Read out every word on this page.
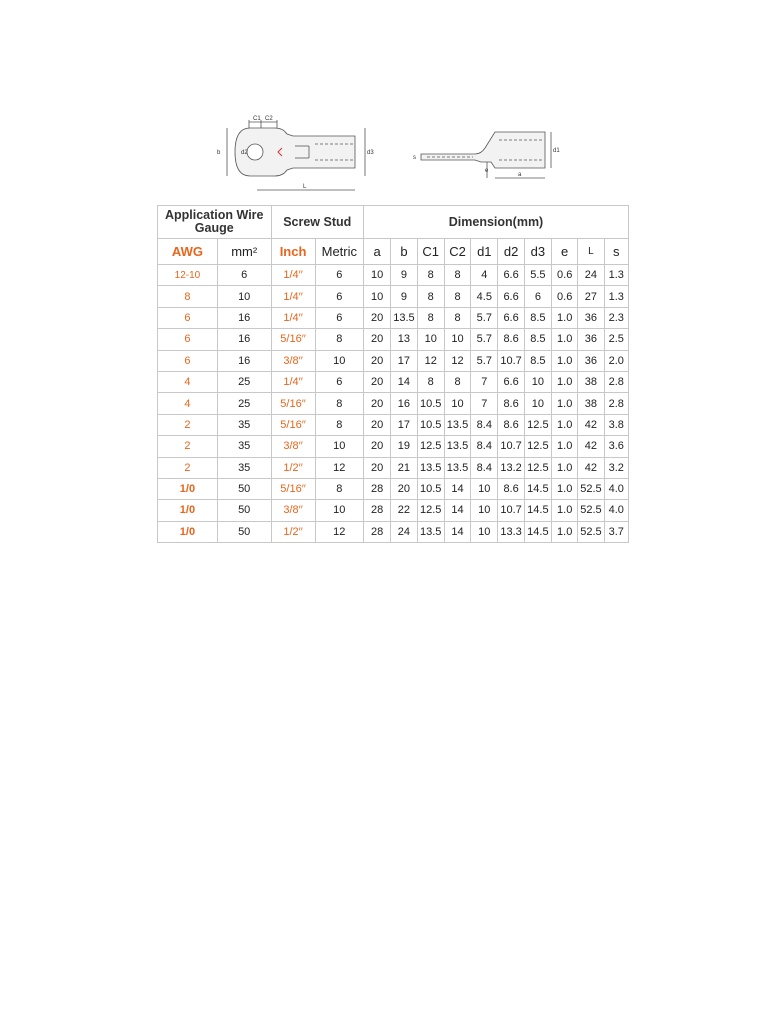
C1 C2
b	d2	d3
L
d1
e
a
s
Application Wire Gauge		Screw Stud		Dimension(mm)									
AWG	mm²	Inch	Metric	a	b	C1	C2	d1	d2	d3	e	L	s
12-10	6	1/4′′	6	10	9	8	8	4	6.6	5.5	0.6	24	1.3
8	10	1/4′′	6	10	9	8	8	4.5	6.6	6	0.6	27	1.3
6	16	1/4′′	6	20	13.5	8	8	5.7	6.6	8.5	1.0	36	2.3
6	16	5/16′′	8	20	13	10	10	5.7	8.6	8.5	1.0	36	2.5
6	16	3/8′′	10	20	17	12	12	5.7	10.7	8.5	1.0	36	2.0
4	25	1/4′′	6	20	14	8	8	7	6.6	10	1.0	38	2.8
4	25	5/16′′	8	20	16	10.5	10	7	8.6	10	1.0	38	2.8
2	35	5/16′′	8	20	17	10.5	13.5	8.4	8.6	12.5	1.0	42	3.8
2	35	3/8′′	10	20	19	12.5	13.5	8.4	10.7	12.5	1.0	42	3.6
2	35	1/2′′	12	20	21	13.5	13.5	8.4	13.2	12.5	1.0	42	3.2
1/0	50	5/16′′	8	28	20	10.5	14	10	8.6	14.5	1.0	52.5	4.0
1/0	50	3/8′′	10	28	22	12.5	14	10	10.7	14.5	1.0	52.5	4.0
1/0	50	1/2′′	12	28	24	13.5	14	10	13.3	14.5	1.0	52.5	3.7
